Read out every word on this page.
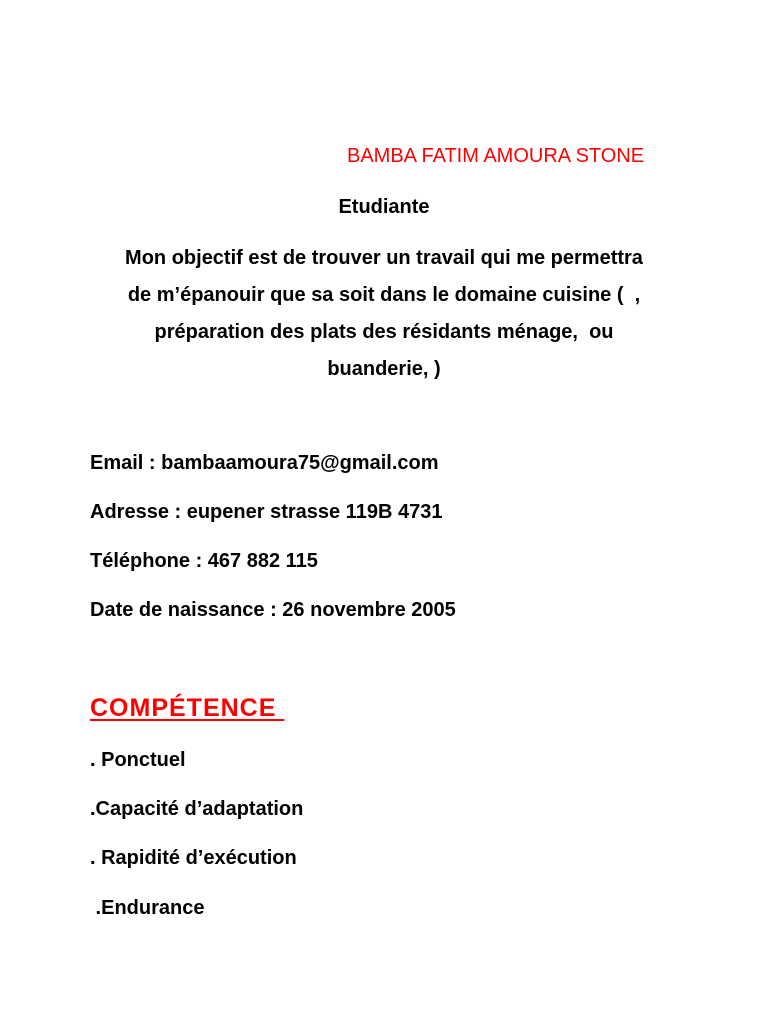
BAMBA FATIM AMOURA STONE
Etudiante
Mon objectif est de trouver un travail qui me permettra
de m’épanouir que sa soit dans le domaine cuisine (  ,
préparation des plats des résidants ménage,  ou
buanderie, )
Email : bambaamoura75@gmail.com
Adresse : eupener strasse 119B 4731
Téléphone : 467 882 115
Date de naissance : 26 novembre 2005
COMPÉTENCE
. Ponctuel
.Capacité d’adaptation
. Rapidité d’exécution
.Endurance
